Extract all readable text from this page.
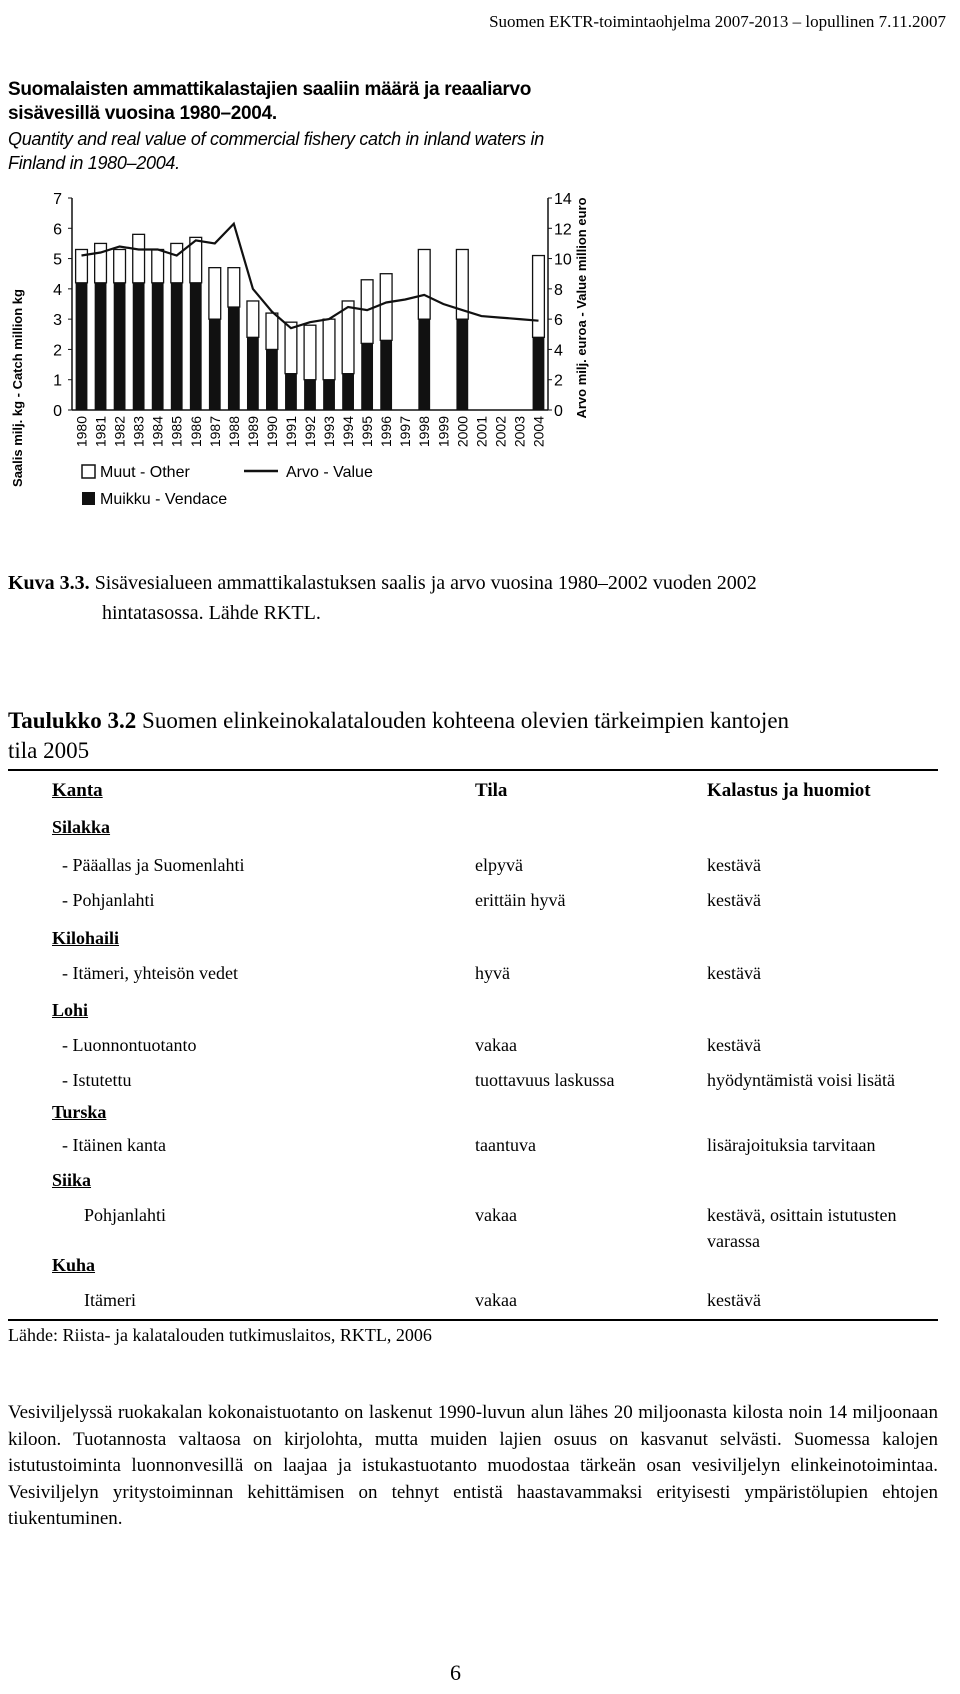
Suomen EKTR-toimintaohjelma 2007-2013 – lopullinen 7.11.2007
Suomalaisten ammattikalastajien saaliin määrä ja reaaliarvo sisävesillä vuosina 1980–2004.
Quantity and real value of commercial fishery catch in inland waters in Finland in 1980–2004.
0
1
2
3
4
5
6
7
0
2
4
6
8
10
12
14
1980 1981 1982 1983 1984 1985 1986 1987 1988 1989 1990 1991 1992 1993 1994 1995 1996 1997 1998 1999 2000 2001 2002 2003 2004
Saalis milj. kg - Catch million kg	Arvo milj. euroa - Value million euro
Muut - Other	Arvo - Value
Muikku - Vendace
Kuva 3.3. Sisävesialueen ammattikalastuksen saalis ja arvo vuosina 1980–2002 vuoden 2002
hintatasossa. Lähde RKTL.
Taulukko 3.2 Suomen elinkeinokalatalouden kohteena olevien tärkeimpien kantojen
tila 2005
Kanta	Tila	Kalastus ja huomiot
Silakka
- Pääallas ja Suomenlahti	elpyvä	kestävä
- Pohjanlahti	erittäin hyvä	kestävä
Kilohaili
- Itämeri, yhteisön vedet	hyvä	kestävä
Lohi
- Luonnontuotanto	vakaa	kestävä
- Istutettu	tuottavuus laskussa	hyödyntämistä voisi lisätä
Turska
- Itäinen kanta	taantuva	lisärajoituksia tarvitaan
Siika
Pohjanlahti	vakaa	kestävä, osittain istutusten
varassa
Kuha
Itämeri	vakaa	kestävä
Lähde: Riista- ja kalatalouden tutkimuslaitos, RKTL, 2006
Vesiviljelyssä ruokakalan kokonaistuotanto on laskenut 1990-luvun alun lähes 20 miljoonasta kilosta noin 14 miljoonaan kiloon. Tuotannosta valtaosa on kirjolohta, mutta muiden lajien osuus on kasvanut selvästi. Suomessa kalojen istutustoiminta luonnonvesillä on laajaa ja istukastuotanto muodostaa tärkeän osan vesiviljelyn elinkeinotoimintaa. Vesiviljelyn yritystoiminnan kehittämisen on tehnyt entistä haastavammaksi erityisesti ympäristölupien ehtojen tiukentuminen.
6
